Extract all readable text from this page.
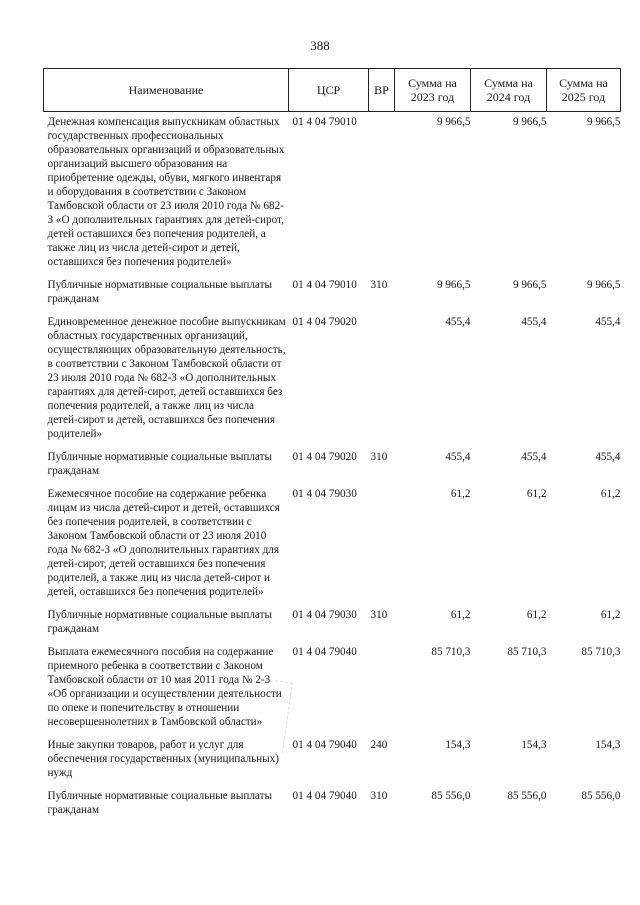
388
Наименование	ЦСР	ВР	Сумма на 2023 год	Сумма на 2024 год	Сумма на 2025 год
Денежная компенсация выпускникам областных государственных профессиональных образовательных организаций и образовательных организаций высшего образования на приобретение одежды, обуви, мягкого инвентаря и оборудования в соответствии с Законом Тамбовской области от 23 июля 2010 года № 682-З «О дополнительных гарантиях для детей-сирот, детей оставшихся без попечения родителей, а также лиц из числа детей-сирот и детей, оставшихся без попечения родителей»	01 4 04 79010		9 966,5	9 966,5	9 966,5
Публичные нормативные социальные выплаты гражданам	01 4 04 79010	310	9 966,5	9 966,5	9 966,5
Единовременное денежное пособие выпускникам областных государственных организаций, осуществляющих образовательную деятельность, в соответствии с Законом Тамбовской области от 23 июля 2010 года № 682-З «О дополнительных гарантиях для детей-сирот, детей оставшихся без попечения родителей, а также лиц из числа детей-сирот и детей, оставшихся без попечения родителей»	01 4 04 79020		455,4	455,4	455,4
Публичные нормативные социальные выплаты гражданам	01 4 04 79020	310	455,4	455,4	455,4
Ежемесячное пособие на содержание ребенка лицам из числа детей-сирот и детей, оставшихся без попечения родителей, в соответствии с Законом Тамбовской области от 23 июля 2010 года № 682-З «О дополнительных гарантиях для детей-сирот, детей оставшихся без попечения родителей, а также лиц из числа детей-сирот и детей, оставшихся без попечения родителей»	01 4 04 79030		61,2	61,2	61,2
Публичные нормативные социальные выплаты гражданам	01 4 04 79030	310	61,2	61,2	61,2
Выплата ежемесячного пособия на содержание приемного ребенка в соответствии с Законом Тамбовской области от 10 мая 2011 года № 2-З «Об организации и осуществлении деятельности по опеке и попечительству в отношении несовершеннолетних в Тамбовской области»	01 4 04 79040		85 710,3	85 710,3	85 710,3
Иные закупки товаров, работ и услуг для обеспечения государственных (муниципальных) нужд	01 4 04 79040	240	154,3	154,3	154,3
Публичные нормативные социальные выплаты гражданам	01 4 04 79040	310	85 556,0	85 556,0	85 556,0
